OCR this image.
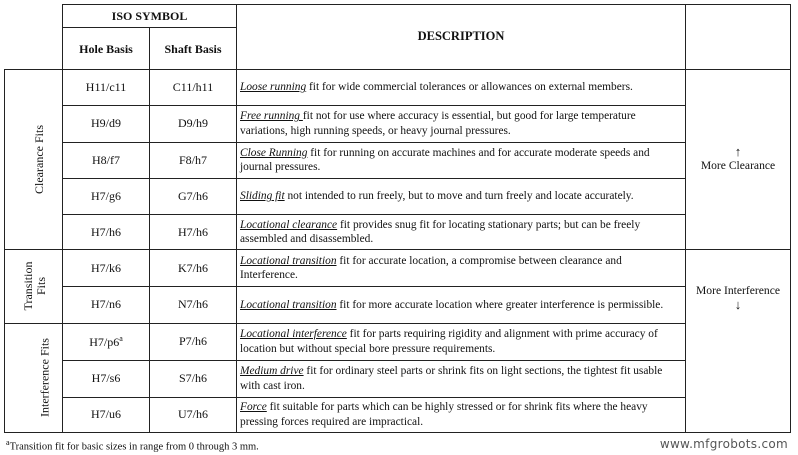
	ISO SYMBOL		DESCRIPTION	
	Hole Basis	Shaft Basis		
Clearance Fits	H11/c11	C11/h11	Loose running fit for wide commercial tolerances or allowances on external members.	↑
More Clearance
	H9/d9	D9/h9	Free running fit not for use where accuracy is essential, but good for large temperature variations, high running speeds, or heavy journal pressures.	
	H8/f7	F8/h7	Close Running fit for running on accurate machines and for accurate moderate speeds and journal pressures.	
	H7/g6	G7/h6	Sliding fit not intended to run freely, but to move and turn freely and locate accurately.	
	H7/h6	H7/h6	Locational clearance fit provides snug fit for locating stationary parts; but can be freely assembled and disassembled.	
Transition Fits	H7/k6	K7/h6	Locational transition fit for accurate location, a compromise between clearance and Interference.	More Interference
↓

	H7/n6	N7/h6	Locational transition fit for more accurate location where greater interference is permissible.	
Interference Fits	H7/p6$^a$	P7/h6	Locational interference fit for parts requiring rigidity and alignment with prime accuracy of location but without special bore pressure requirements.	
	H7/s6	S7/h6	Medium drive fit for ordinary steel parts or shrink fits on light sections, the tightest fit usable with cast iron.	
	H7/u6	U7/h6	Force fit suitable for parts which can be highly stressed or for shrink fits where the heavy pressing forces required are impractical.	
$^a$Transition fit for basic sizes in range from 0 through 3 mm.	www.mfgrobots.com
